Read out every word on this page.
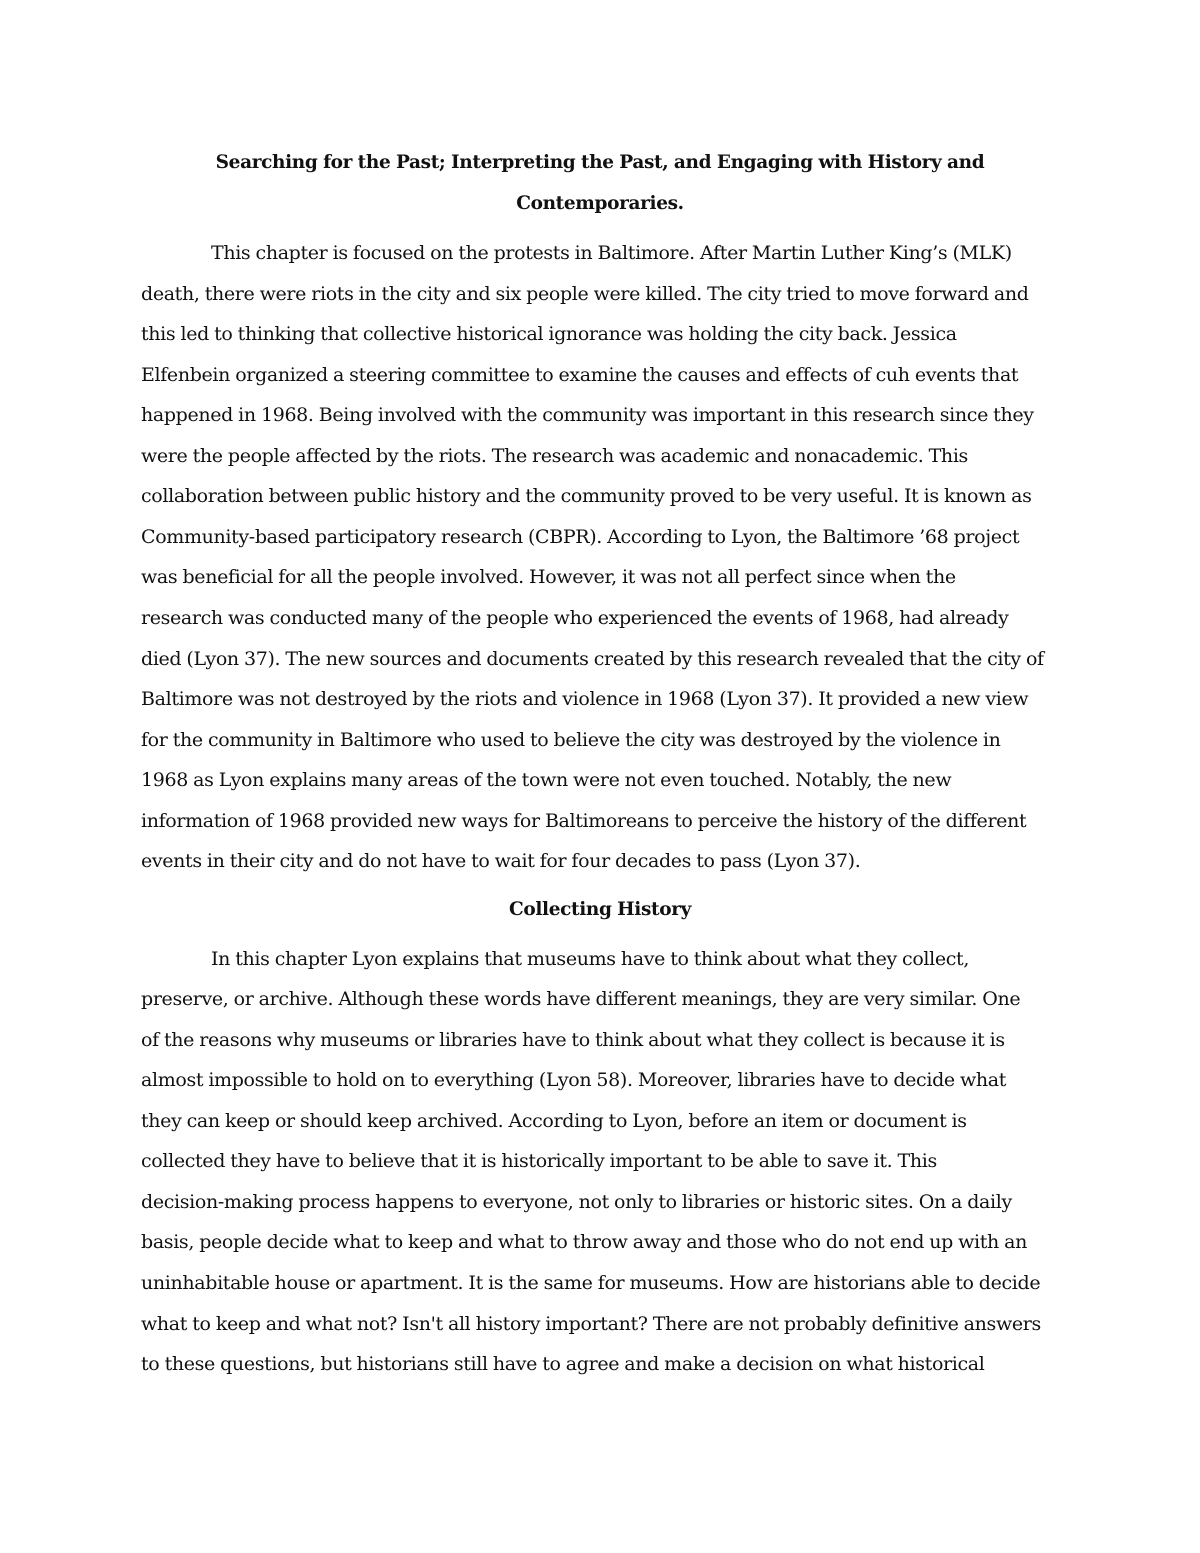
Searching for the Past; Interpreting the Past, and Engaging with History and
Contemporaries.
This chapter is focused on the protests in Baltimore. After Martin Luther King’s (MLK)
death, there were riots in the city and six people were killed. The city tried to move forward and
this led to thinking that collective historical ignorance was holding the city back. Jessica
Elfenbein organized a steering committee to examine the causes and effects of cuh events that
happened in 1968. Being involved with the community was important in this research since they
were the people affected by the riots. The research was academic and nonacademic. This
collaboration between public history and the community proved to be very useful. It is known as
Community-based participatory research (CBPR). According to Lyon, the Baltimore ’68 project
was beneficial for all the people involved. However, it was not all perfect since when the
research was conducted many of the people who experienced the events of 1968, had already
died (Lyon 37). The new sources and documents created by this research revealed that the city of
Baltimore was not destroyed by the riots and violence in 1968 (Lyon 37). It provided a new view
for the community in Baltimore who used to believe the city was destroyed by the violence in
1968 as Lyon explains many areas of the town were not even touched. Notably, the new
information of 1968 provided new ways for Baltimoreans to perceive the history of the different
events in their city and do not have to wait for four decades to pass (Lyon 37).
Collecting History
In this chapter Lyon explains that museums have to think about what they collect,
preserve, or archive. Although these words have different meanings, they are very similar. One
of the reasons why museums or libraries have to think about what they collect is because it is
almost impossible to hold on to everything (Lyon 58). Moreover, libraries have to decide what
they can keep or should keep archived. According to Lyon, before an item or document is
collected they have to believe that it is historically important to be able to save it. This
decision-making process happens to everyone, not only to libraries or historic sites. On a daily
basis, people decide what to keep and what to throw away and those who do not end up with an
uninhabitable house or apartment. It is the same for museums. How are historians able to decide
what to keep and what not? Isn't all history important? There are not probably definitive answers
to these questions, but historians still have to agree and make a decision on what historical
